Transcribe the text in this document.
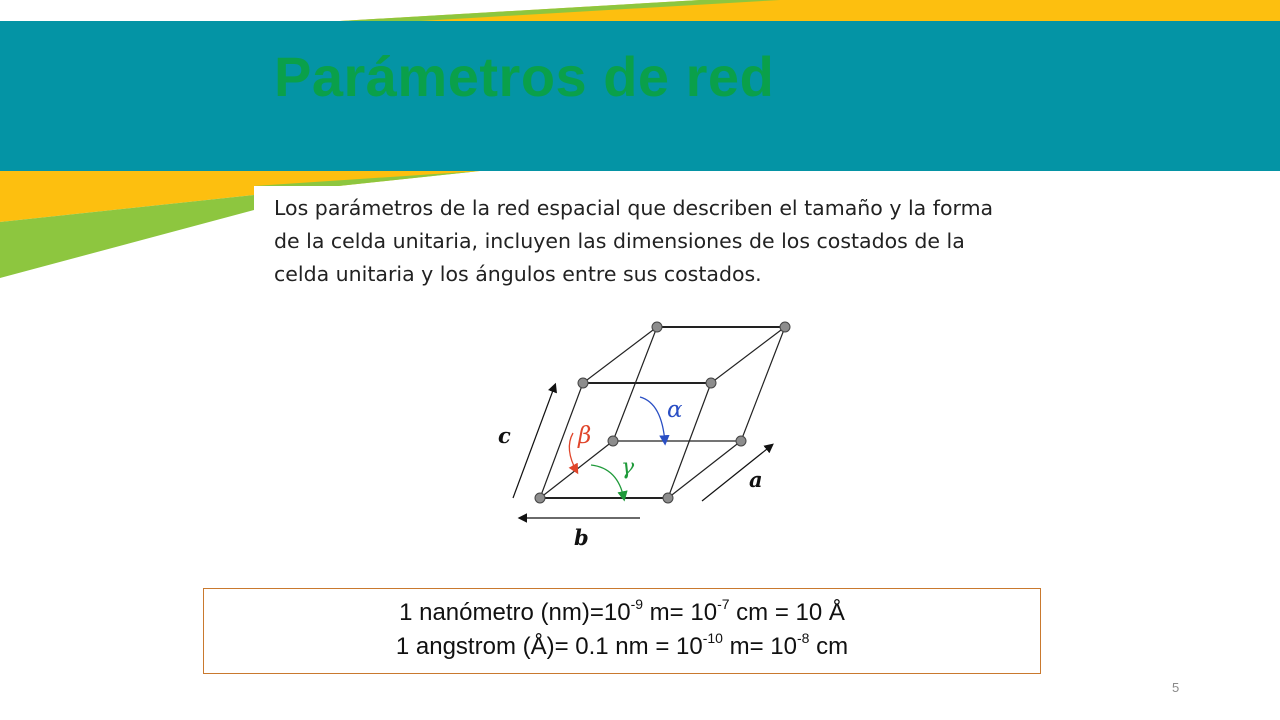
Parámetros de red

Los parámetros de la red espacial que describen el tamaño y la forma de la celda unitaria, incluyen las dimensiones de los costados de la celda unitaria y los ángulos entre sus costados.

c
b
a
α
β
γ
1 nanómetro $(nm)=10^{-9}$ $m= 10^{-7}$ cm = 10 Å
1 angstrom (Å)= 0.1 nm = $10^{-10}$ $m= 10^{-8}$ cm
5
